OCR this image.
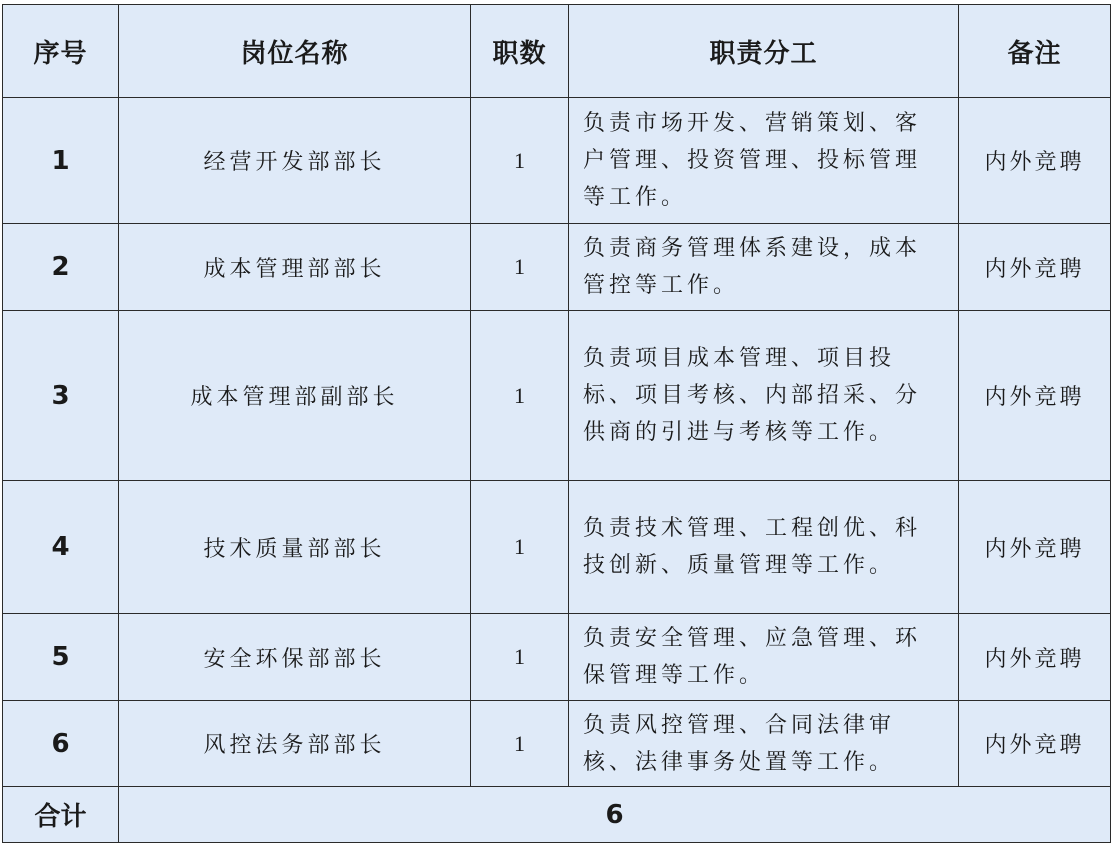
序号	岗位名称	职数	职责分工	备注
1	经营开发部部长	1	负责市场开发、营销策划、客户管理、投资管理、投标管理等工作。	内外竞聘
2	成本管理部部长	1	负责商务管理体系建设，成本管控等工作。	内外竞聘
3	成本管理部副部长	1	负责项目成本管理、项目投标、项目考核、内部招采、分供商的引进与考核等工作。	内外竞聘
4	技术质量部部长	1	负责技术管理、工程创优、科技创新、质量管理等工作。	内外竞聘
5	安全环保部部长	1	负责安全管理、应急管理、环保管理等工作。	内外竞聘
6	风控法务部部长	1	负责风控管理、合同法律审核、法律事务处置等工作。	内外竞聘
合计	6			
